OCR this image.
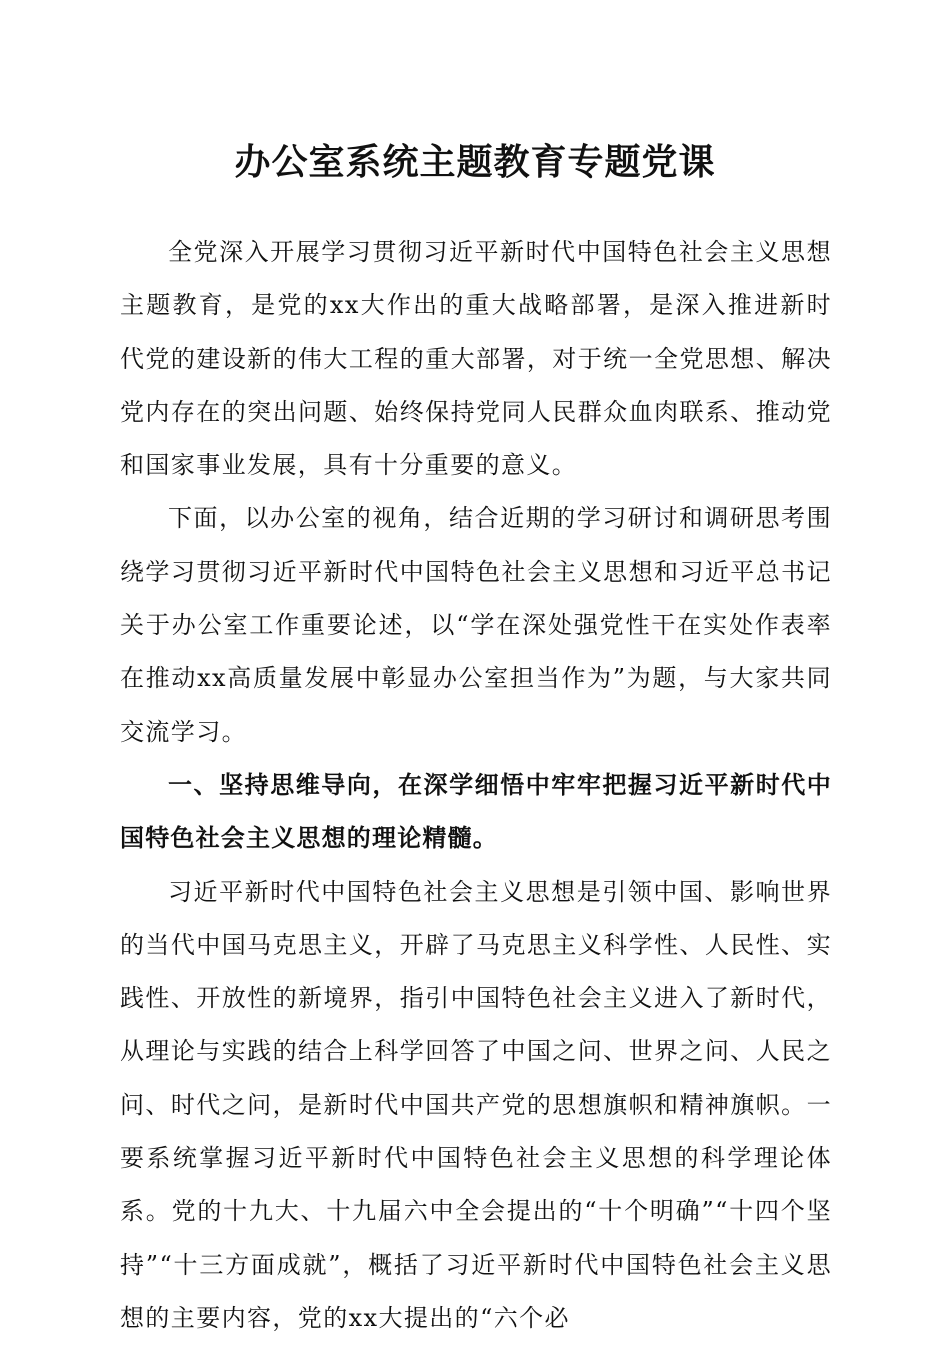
办公室系统主题教育专题党课

全党深入开展学习贯彻习近平新时代中国特色社会主义思想主题教育，是党的xx大作出的重大战略部署，是深入推进新时代党的建设新的伟大工程的重大部署，对于统一全党思想、解决党内存在的突出问题、始终保持党同人民群众血肉联系、推动党和国家事业发展，具有十分重要的意义。

下面，以办公室的视角，结合近期的学习研讨和调研思考围绕学习贯彻习近平新时代中国特色社会主义思想和习近平总书记关于办公室工作重要论述，以“学在深处强党性干在实处作表率在推动xx高质量发展中彰显办公室担当作为”为题，与大家共同交流学习。

一、坚持思维导向，在深学细悟中牢牢把握习近平新时代中国特色社会主义思想的理论精髓。

习近平新时代中国特色社会主义思想是引领中国、影响世界的当代中国马克思主义，开辟了马克思主义科学性、人民性、实践性、开放性的新境界，指引中国特色社会主义进入了新时代，从理论与实践的结合上科学回答了中国之问、世界之问、人民之问、时代之问，是新时代中国共产党的思想旗帜和精神旗帜。一要系统掌握习近平新时代中国特色社会主义思想的科学理论体系。党的十九大、十九届六中全会提出的“十个明确”“十四个坚持”“十三方面成就”，概括了习近平新时代中国特色社会主义思想的主要内容，党的xx大提出的“六个必
